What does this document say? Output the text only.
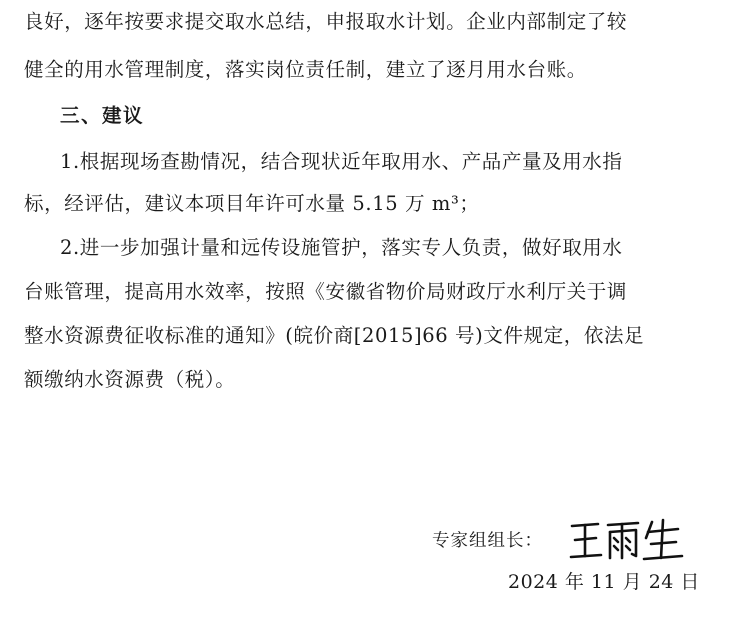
良好，逐年按要求提交取水总结，申报取水计划。企业内部制定了较
健全的用水管理制度，落实岗位责任制，建立了逐月用水台账。
三、建议
1.根据现场查勘情况，结合现状近年取用水、产品产量及用水指
标，经评估，建议本项目年许可水量 5.15 万 m³；
2.进一步加强计量和远传设施管护，落实专人负责，做好取用水
台账管理，提高用水效率，按照《安徽省物价局财政厅水利厅关于调
整水资源费征收标准的通知》(皖价商[2015]66 号)文件规定，依法足
额缴纳水资源费（税）。
专家组组长：
2024 年 11 月 24 日
